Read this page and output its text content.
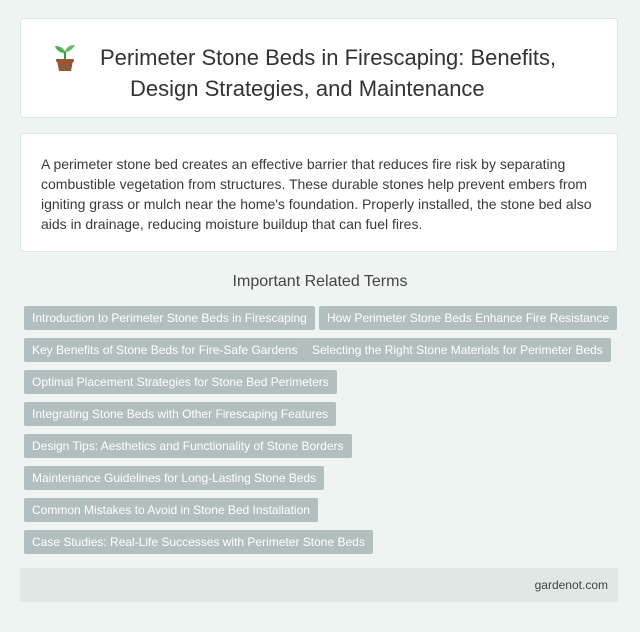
Perimeter Stone Beds in Firescaping: Benefits,
Design Strategies, and Maintenance

A perimeter stone bed creates an effective barrier that reduces fire risk by separating combustible vegetation from structures. These durable stones help prevent embers from igniting grass or mulch near the home's foundation. Properly installed, the stone bed also aids in drainage, reducing moisture buildup that can fuel fires.

Important Related Terms
Introduction to Perimeter Stone Beds in Firescaping	How Perimeter Stone Beds Enhance Fire Resistance
Key Benefits of Stone Beds for Fire-Safe Gardens	Selecting the Right Stone Materials for Perimeter Beds
Optimal Placement Strategies for Stone Bed Perimeters
Integrating Stone Beds with Other Firescaping Features
Design Tips: Aesthetics and Functionality of Stone Borders
Maintenance Guidelines for Long-Lasting Stone Beds
Common Mistakes to Avoid in Stone Bed Installation
Case Studies: Real-Life Successes with Perimeter Stone Beds
gardenot.com
